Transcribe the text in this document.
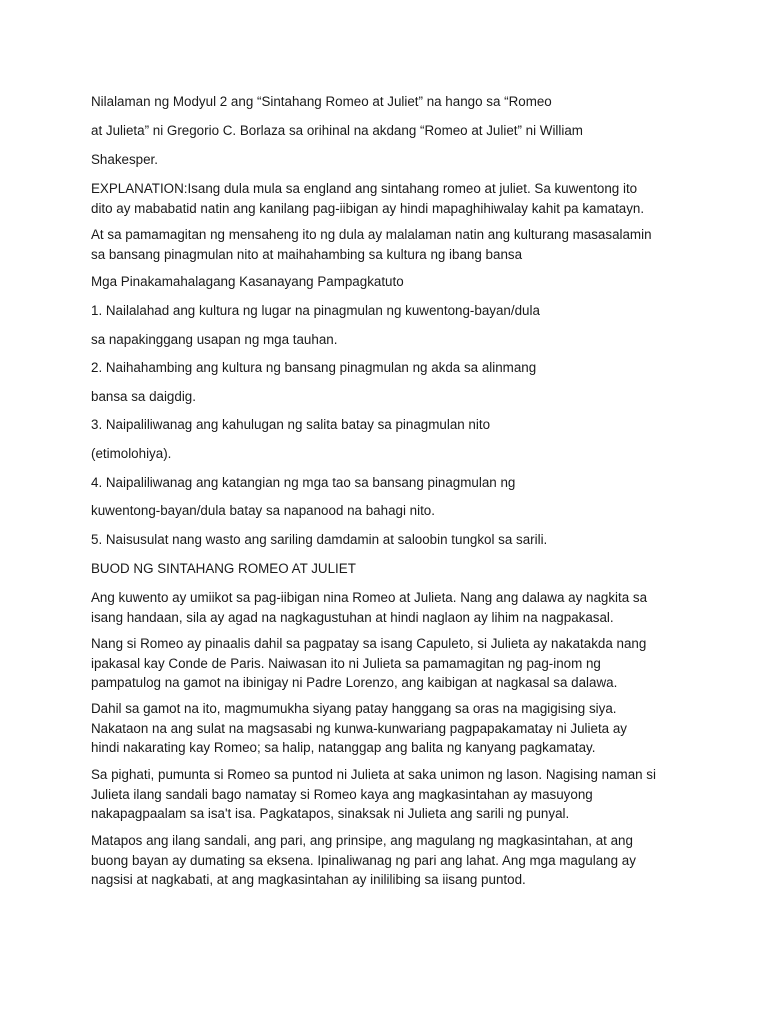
Nilalaman ng Modyul 2 ang “Sintahang Romeo at Juliet” na hango sa “Romeo

at Julieta” ni Gregorio C. Borlaza sa orihinal na akdang “Romeo at Juliet” ni William

Shakesper.

EXPLANATION:Isang dula mula sa england ang sintahang romeo at juliet. Sa kuwentong ito
dito ay mababatid natin ang kanilang pag-iibigan ay hindi mapaghihiwalay kahit pa kamatayn.

At sa pamamagitan ng mensaheng ito ng dula ay malalaman natin ang kulturang masasalamin
sa bansang pinagmulan nito at maihahambing sa kultura ng ibang bansa

Mga Pinakamahalagang Kasanayang Pampagkatuto

1. Nailalahad ang kultura ng lugar na pinagmulan ng kuwentong-bayan/dula

sa napakinggang usapan ng mga tauhan.

2. Naihahambing ang kultura ng bansang pinagmulan ng akda sa alinmang

bansa sa daigdig.

3. Naipaliliwanag ang kahulugan ng salita batay sa pinagmulan nito

(etimolohiya).

4. Naipaliliwanag ang katangian ng mga tao sa bansang pinagmulan ng

kuwentong-bayan/dula batay sa napanood na bahagi nito.

5. Naisusulat nang wasto ang sariling damdamin at saloobin tungkol sa sarili.

BUOD NG SINTAHANG ROMEO AT JULIET

Ang kuwento ay umiikot sa pag-iibigan nina Romeo at Julieta. Nang ang dalawa ay nagkita sa
isang handaan, sila ay agad na nagkagustuhan at hindi naglaon ay lihim na nagpakasal.

Nang si Romeo ay pinaalis dahil sa pagpatay sa isang Capuleto, si Julieta ay nakatakda nang
ipakasal kay Conde de Paris. Naiwasan ito ni Julieta sa pamamagitan ng pag-inom ng
pampatulog na gamot na ibinigay ni Padre Lorenzo, ang kaibigan at nagkasal sa dalawa.

Dahil sa gamot na ito, magmumukha siyang patay hanggang sa oras na magigising siya.
Nakataon na ang sulat na magsasabi ng kunwa-kunwariang pagpapakamatay ni Julieta ay
hindi nakarating kay Romeo; sa halip, natanggap ang balita ng kanyang pagkamatay.

Sa pighati, pumunta si Romeo sa puntod ni Julieta at saka unimon ng lason. Nagising naman si
Julieta ilang sandali bago namatay si Romeo kaya ang magkasintahan ay masuyong
nakapagpaalam sa isa't isa. Pagkatapos, sinaksak ni Julieta ang sarili ng punyal.

Matapos ang ilang sandali, ang pari, ang prinsipe, ang magulang ng magkasintahan, at ang
buong bayan ay dumating sa eksena. Ipinaliwanag ng pari ang lahat. Ang mga magulang ay
nagsisi at nagkabati, at ang magkasintahan ay inililibing sa iisang puntod.
